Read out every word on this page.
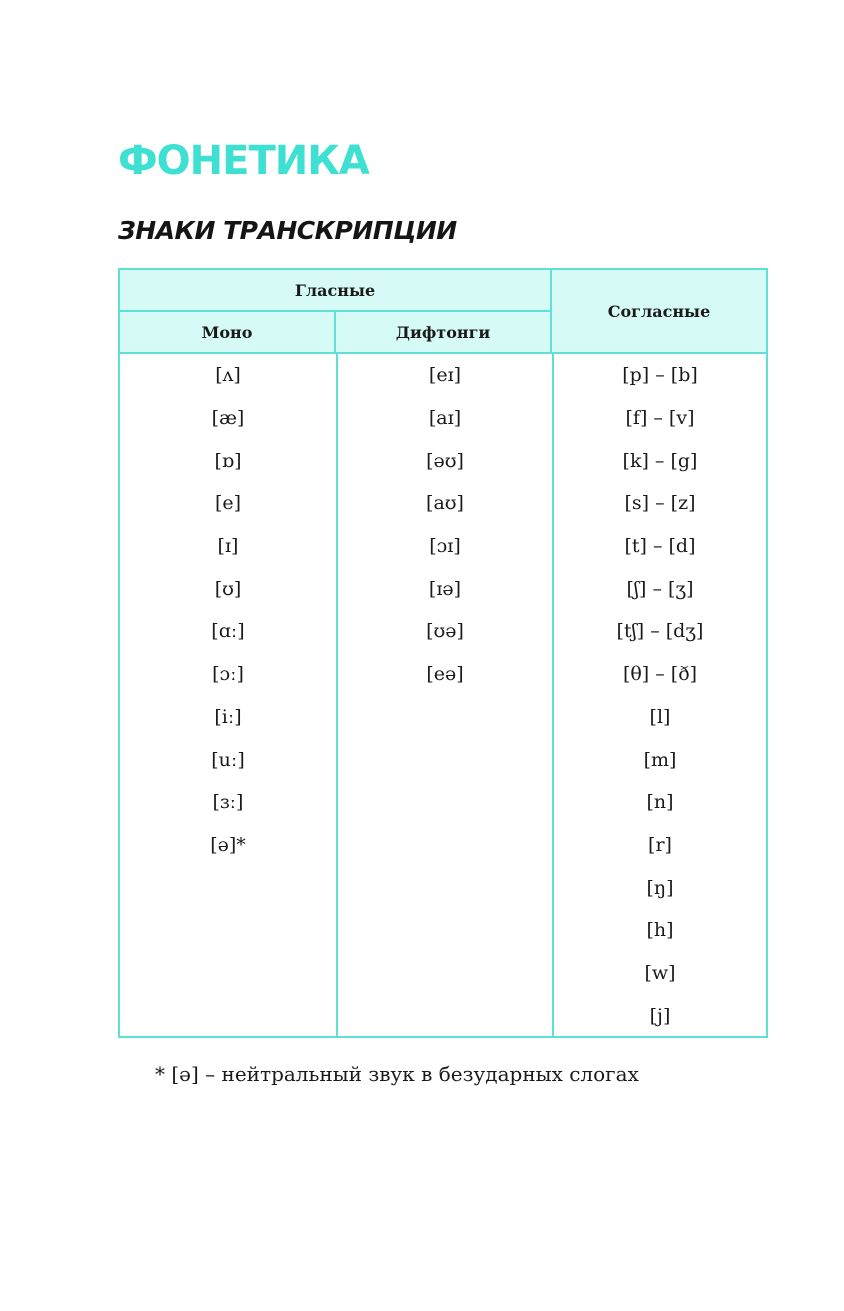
ФОНЕТИКА
ЗНАКИ ТРАНСКРИПЦИИ
Гласные
Моно	Дифтонги
Согласные
[ʌ]
[æ]
[ɒ]
[e]
[ɪ]
[ʊ]
[ɑː]
[ɔː]
[iː]
[uː]
[ɜː]
[ə]*
[eɪ]
[aɪ]
[əʊ]
[aʊ]
[ɔɪ]
[ɪə]
[ʊə]
[eə]
[p] – [b]
[f] – [v]
[k] – [g]
[s] – [z]
[t] – [d]
[ʃ] – [ʒ]
[tʃ] – [dʒ]
[θ] – [ð]
[l]
[m]
[n]
[r]
[ŋ]
[h]
[w]
[j]

* [ə] – нейтральный звук в безударных слогах
